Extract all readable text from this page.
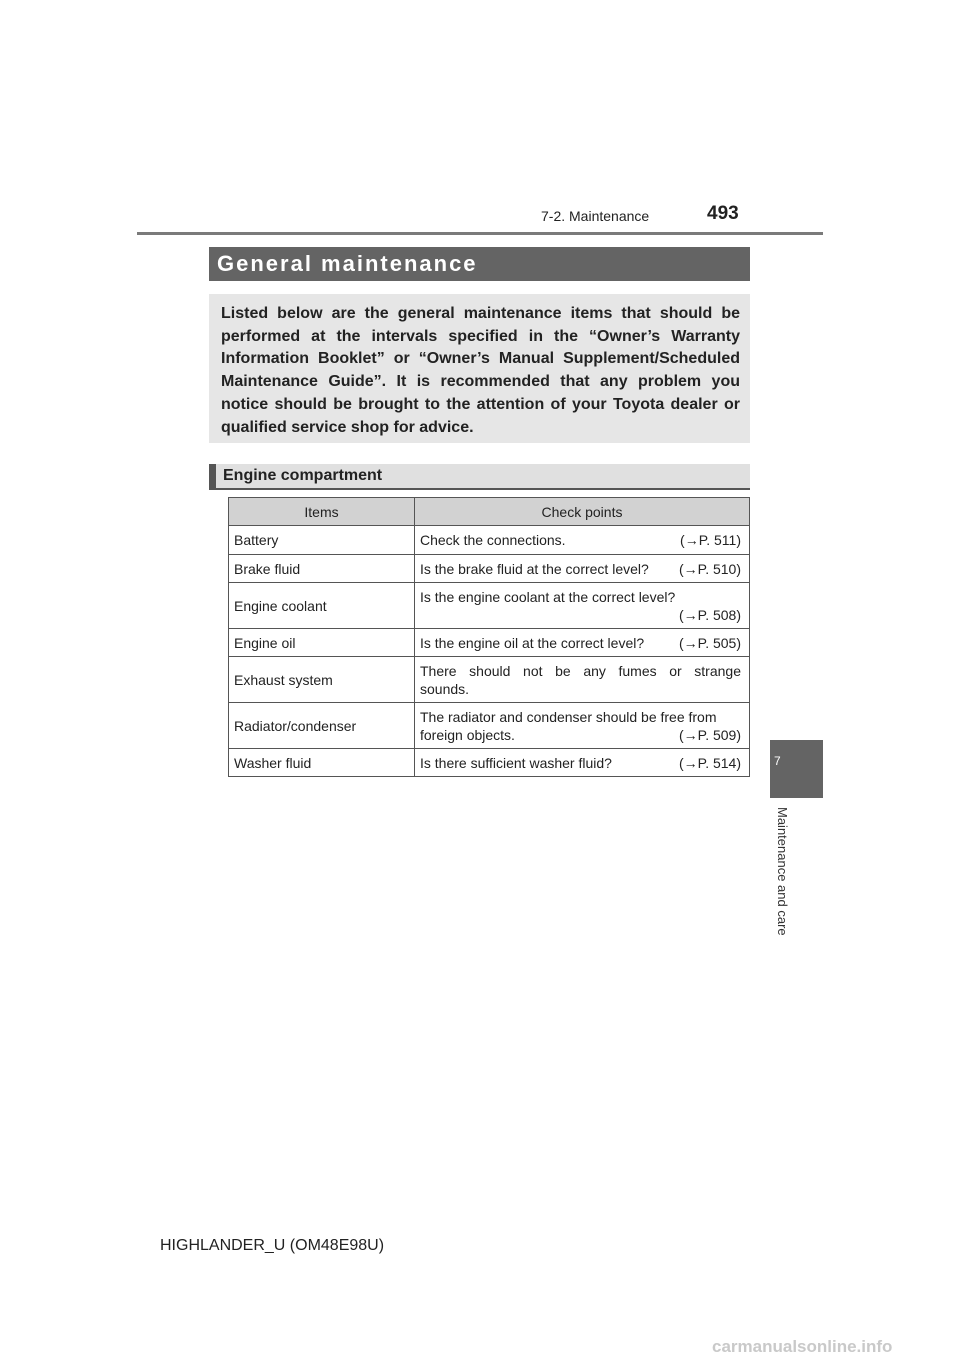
7-2. Maintenance	493
General maintenance
Listed below are the general maintenance items that should be performed at the intervals specified in the “Owner’s Warranty Information Booklet” or “Owner’s Manual Supplement/Scheduled Maintenance Guide”. It is recommended that any problem you notice should be brought to the attention of your Toyota dealer or qualified service shop for advice.
Engine compartment
Items	Check points
Battery	Check the connections. (→P. 511)

Brake fluid	Is the brake fluid at the correct level? (→P. 510)

Engine coolant	Is the engine coolant at the correct level?
(→P. 508)

Engine oil	Is the engine oil at the correct level? (→P. 505)

Exhaust system	There should not be any fumes or strange
sounds.

Radiator/condenser	The radiator and condenser should be free from
foreign objects. (→P. 509)

Washer fluid	Is there sufficient washer fluid? (→P. 514)	7
Maintenance and care
HIGHLANDER_U (OM48E98U)
carmanualsonline.info
